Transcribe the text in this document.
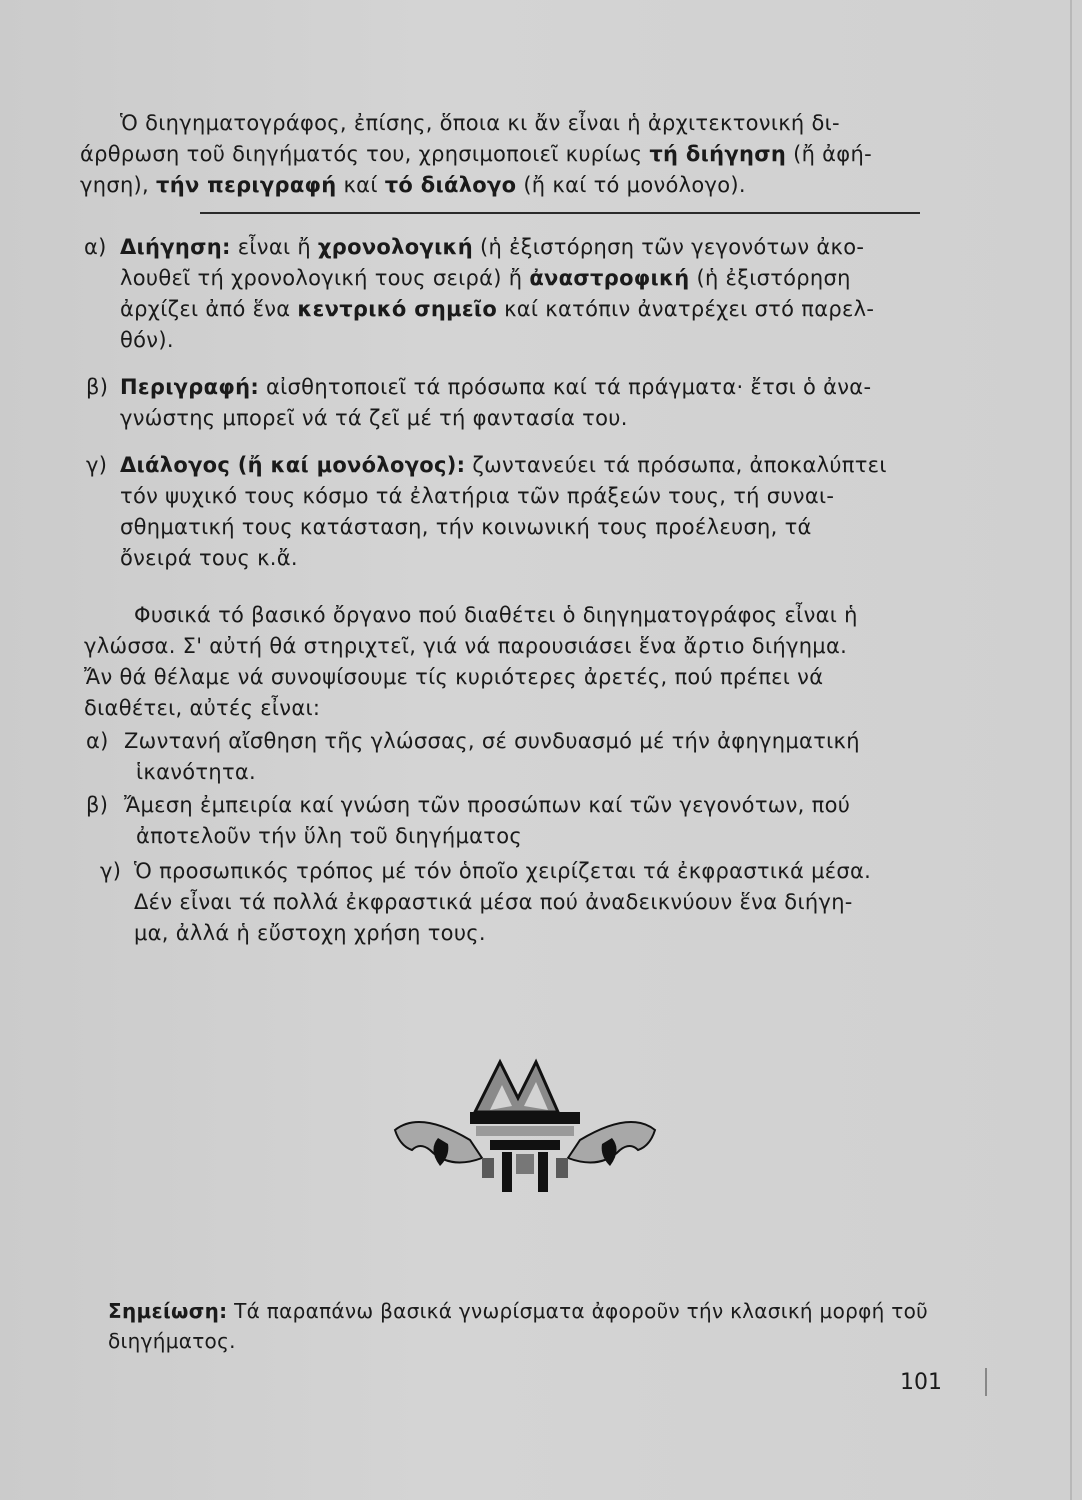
Ὁ διηγηματογράφος, ἐπίσης, ὅποια κι ἄν εἶναι ἡ ἀρχιτεκτονική δι-
άρθρωση τοῦ διηγήματός του, χρησιμοποιεῖ κυρίως τή διήγηση (ἤ ἀφή-
γηση), τήν περιγραφή καί τό διάλογο (ἤ καί τό μονόλογο).
α) Διήγηση: εἶναι ἤ χρονολογική (ἡ ἐξιστόρηση τῶν γεγονότων ἀκο-
λουθεῖ τή χρονολογική τους σειρά) ἤ ἀναστροφική (ἡ ἐξιστόρηση
ἀρχίζει ἀπό ἕνα κεντρικό σημεῖο καί κατόπιν ἀνατρέχει στό παρελ-
θόν).
β) Περιγραφή: αἰσθητοποιεῖ τά πρόσωπα καί τά πράγματα· ἔτσι ὁ ἀνα-
γνώστης μπορεῖ νά τά ζεῖ μέ τή φαντασία του.
γ) Διάλογος (ἤ καί μονόλογος): ζωντανεύει τά πρόσωπα, ἀποκαλύπτει
τόν ψυχικό τους κόσμο τά ἐλατήρια τῶν πράξεών τους, τή συναι-
σθηματική τους κατάσταση, τήν κοινωνική τους προέλευση, τά
ὄνειρά τους κ.ἄ.
Φυσικά τό βασικό ὄργανο πού διαθέτει ὁ διηγηματογράφος εἶναι ἡ
γλώσσα. Σ' αὐτή θά στηριχτεῖ, γιά νά παρουσιάσει ἕνα ἄρτιο διήγημα.
Ἄν θά θέλαμε νά συνοψίσουμε τίς κυριότερες ἀρετές, πού πρέπει νά
διαθέτει, αὐτές εἶναι:
α) Ζωντανή αἴσθηση τῆς γλώσσας, σέ συνδυασμό μέ τήν ἀφηγηματική
ἱκανότητα.
β) Ἄμεση ἐμπειρία καί γνώση τῶν προσώπων καί τῶν γεγονότων, πού
ἀποτελοῦν τήν ὕλη τοῦ διηγήματος
γ) Ὁ προσωπικός τρόπος μέ τόν ὁποῖο χειρίζεται τά ἐκφραστικά μέσα.
Δέν εἶναι τά πολλά ἐκφραστικά μέσα πού ἀναδεικνύουν ἕνα διήγη-
μα, ἀλλά ἡ εὔστοχη χρήση τους.
Σημείωση: Τά παραπάνω βασικά γνωρίσματα ἀφοροῦν τήν κλασική μορφή τοῦ
διηγήματος.
101
